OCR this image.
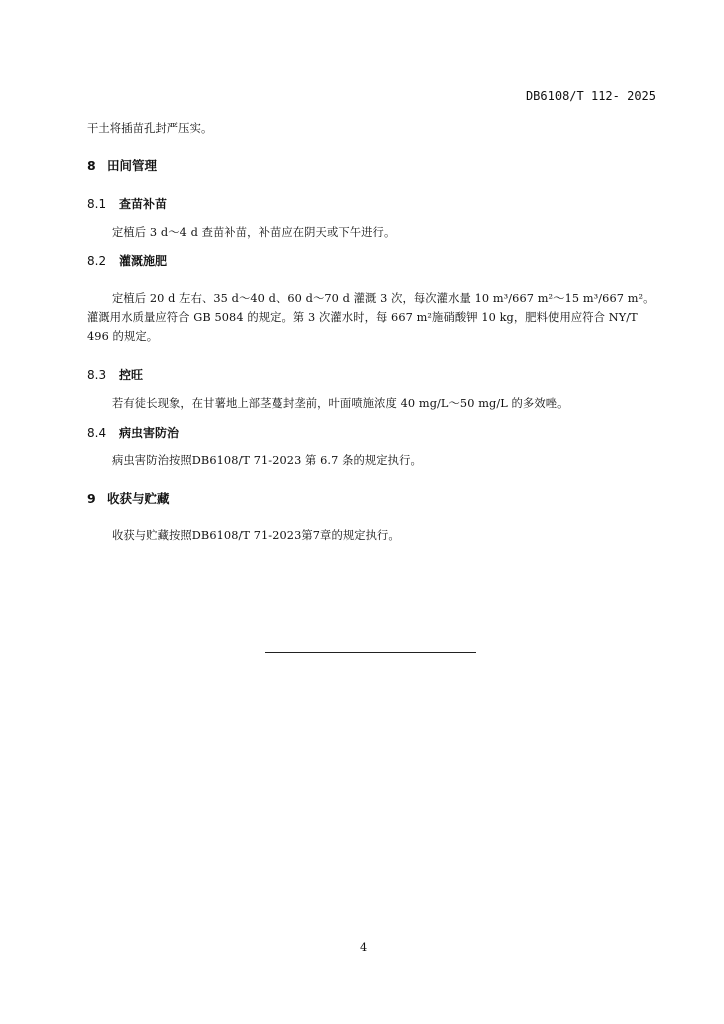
DB6108/T 112- 2025
干土将插苗孔封严压实。
8 田间管理
8.1 查苗补苗
定植后 3 d～4 d 查苗补苗，补苗应在阴天或下午进行。
8.2 灌溉施肥
定植后 20 d 左右、35 d～40 d、60 d～70 d 灌溉 3 次，每次灌水量 10 m³/667 m²～15 m³/667 m²。
灌溉用水质量应符合 GB 5084 的规定。第 3 次灌水时，每 667 m²施硝酸钾 10 kg，肥料使用应符合 NY/T
496 的规定。
8.3 控旺
若有徒长现象，在甘薯地上部茎蔓封垄前，叶面喷施浓度 40 mg/L～50 mg/L 的多效唑。
8.4 病虫害防治
病虫害防治按照DB6108/T 71-2023 第 6.7 条的规定执行。
9 收获与贮藏
收获与贮藏按照DB6108/T 71-2023第7章的规定执行。
4
